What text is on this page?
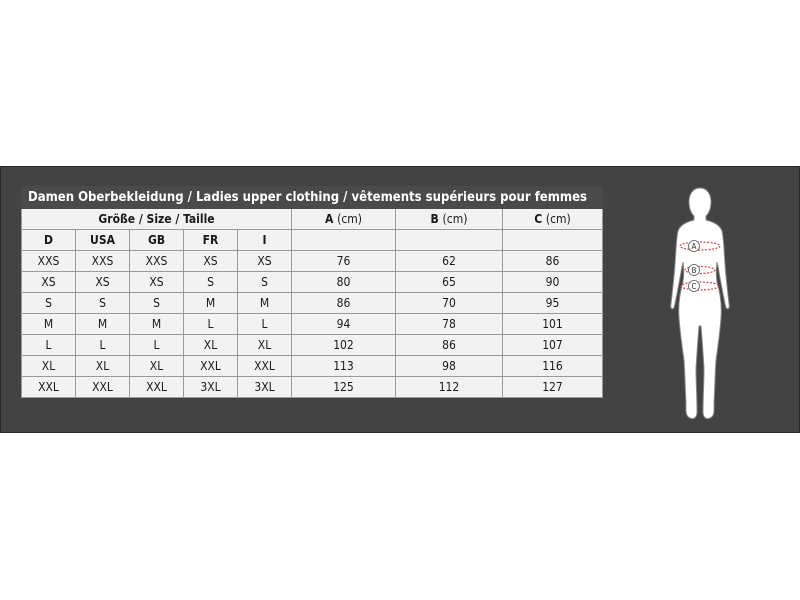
Damen Oberbekleidung / Ladies upper clothing / vêtements supérieurs pour femmes							
Größe / Size / Taille					A (cm)	B (cm)	C (cm)
D	USA	GB	FR	I			
XXS	XXS	XXS	XS	XS	76	62	86
XS	XS	XS	S	S	80	65	90
S	S	S	M	M	86	70	95
M	M	M	L	L	94	78	101
L	L	L	XL	XL	102	86	107
XL	XL	XL	XXL	XXL	113	98	116
XXL	XXL	XXL	3XL	3XL	125	112	127
A
B
C
